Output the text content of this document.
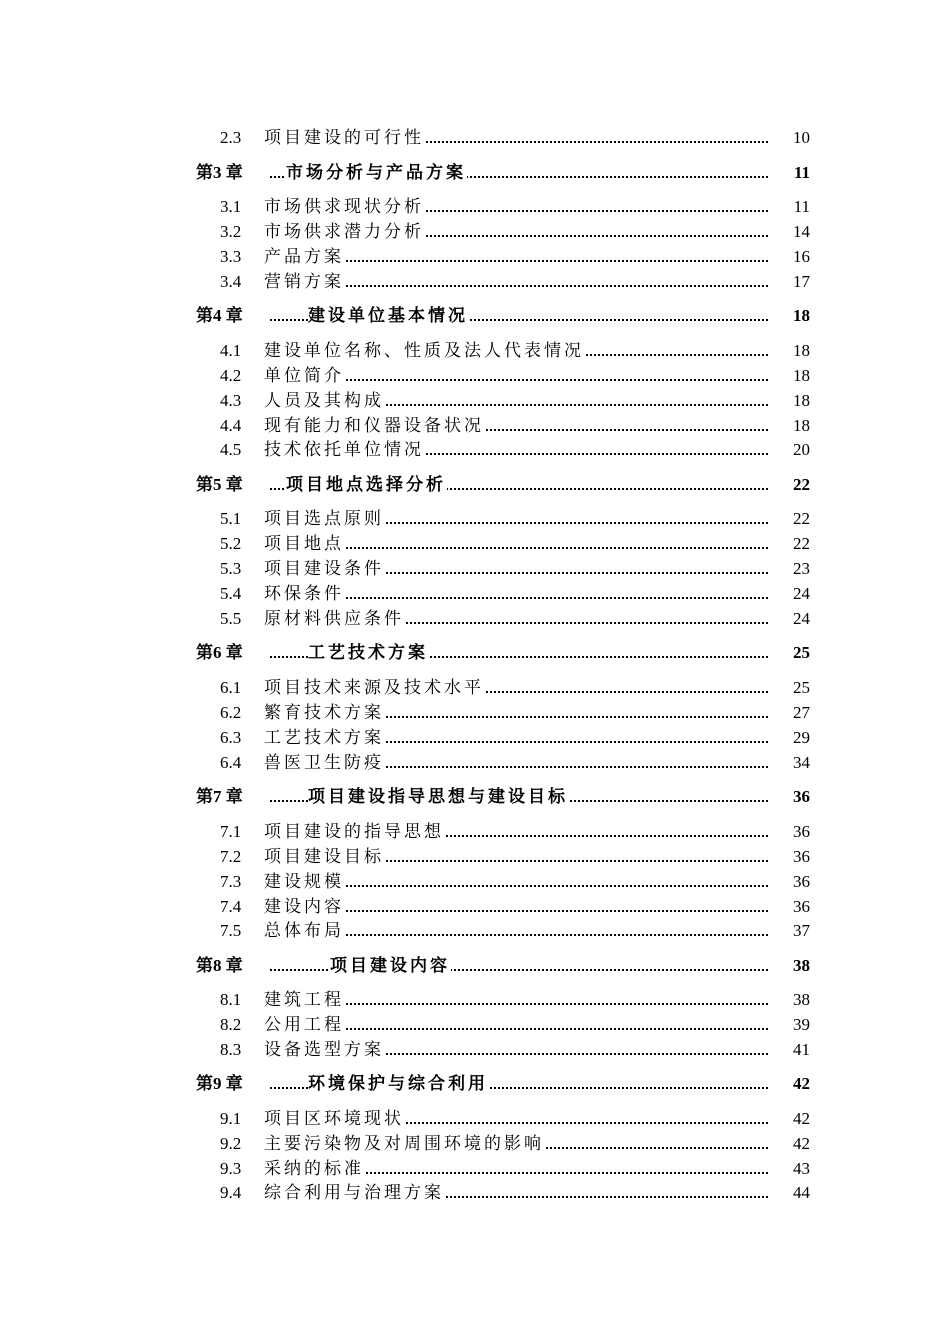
2.3 项目建设的可行性	10
第3 章	市场分析与产品方案	11
3.1 市场供求现状分析	11
3.2 市场供求潜力分析	14
3.3 产品方案	16
3.4 营销方案	17
第4 章	建设单位基本情况	18
4.1 建设单位名称、性质及法人代表情况	18
4.2 单位简介	18
4.3 人员及其构成	18
4.4 现有能力和仪器设备状况	18
4.5 技术依托单位情况	20
第5 章	项目地点选择分析	22
5.1 项目选点原则	22
5.2 项目地点	22
5.3 项目建设条件	23
5.4 环保条件	24
5.5 原材料供应条件	24
第6 章	工艺技术方案	25
6.1 项目技术来源及技术水平	25
6.2 繁育技术方案	27
6.3 工艺技术方案	29
6.4 兽医卫生防疫	34
第7 章	项目建设指导思想与建设目标	36
7.1 项目建设的指导思想	36
7.2 项目建设目标	36
7.3 建设规模	36
7.4 建设内容	36
7.5 总体布局	37
第8 章	项目建设内容	38
8.1 建筑工程	38
8.2 公用工程	39
8.3 设备选型方案	41
第9 章	环境保护与综合利用	42
9.1 项目区环境现状	42
9.2 主要污染物及对周围环境的影响	42
9.3 采纳的标准	43
9.4 综合利用与治理方案	44
